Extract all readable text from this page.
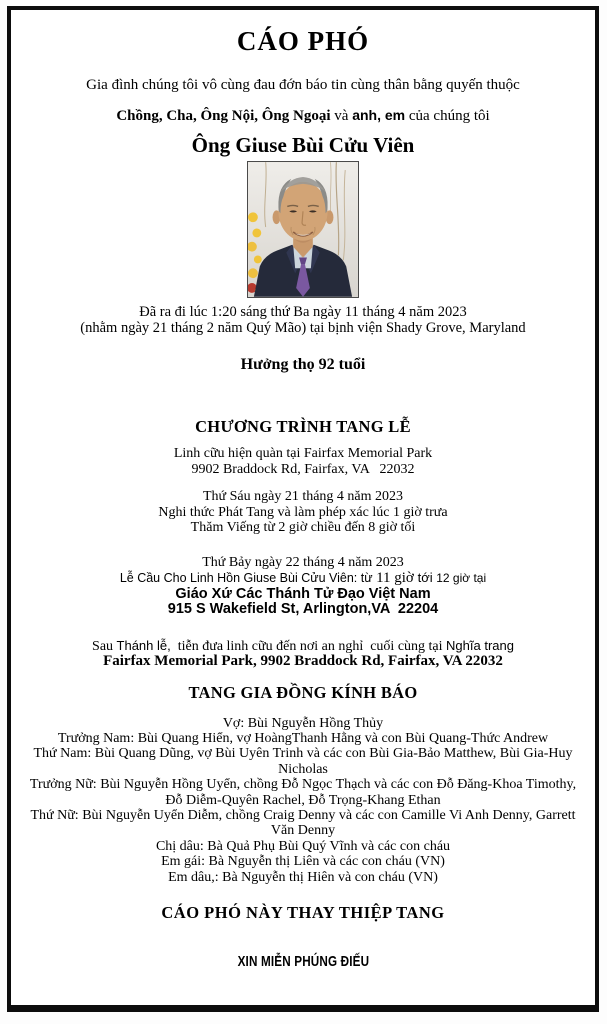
CÁO PHÓ
Gia đình chúng tôi vô cùng đau đớn báo tin cùng thân bằng quyến thuộc
Chồng, Cha, Ông Nội, Ông Ngoại và anh, em của chúng tôi
Ông Giuse Bùi Cửu Viên
Đã ra đi lúc 1:20 sáng thứ Ba ngày 11 tháng 4 năm 2023
(nhằm ngày 21 tháng 2 năm Quý Mão) tại bịnh viện Shady Grove, Maryland
Hưởng thọ 92 tuổi
CHƯƠNG TRÌNH TANG LỄ
Linh cữu hiện quàn tại Fairfax Memorial Park
9902 Braddock Rd, Fairfax, VA   22032
Thứ Sáu ngày 21 tháng 4 năm 2023
Nghi thức Phát Tang và làm phép xác lúc 1 giờ trưa
Thăm Viếng từ 2 giờ chiều đến 8 giờ tối
Thứ Bảy ngày 22 tháng 4 năm 2023
Lễ Cầu Cho Linh Hồn Giuse Bùi Cửu Viên: từ 11 giờ tới 12 giờ tại
Giáo Xứ Các Thánh Tử Đạo Việt Nam
915 S Wakefield St, Arlington,VA  22204
Sau Thánh lễ,  tiễn đưa linh cữu đến nơi an nghỉ  cuối cùng tại Nghĩa trang
Fairfax Memorial Park, 9902 Braddock Rd, Fairfax, VA 22032
TANG GIA ĐỒNG KÍNH BÁO
Vợ: Bùi Nguyễn Hồng Thủy
Trưởng Nam: Bùi Quang Hiển, vợ HoàngThanh Hằng và con Bùi Quang-Thức Andrew
Thứ Nam: Bùi Quang Dũng, vợ Bùi Uyên Trinh và các con Bùi Gia-Bảo Matthew, Bùi Gia-Huy Nicholas
Trưởng Nữ: Bùi Nguyễn Hồng Uyển, chồng Đỗ Ngọc Thạch và các con Đỗ Đăng-Khoa Timothy, Đỗ Diễm-Quyên Rachel, Đỗ Trọng-Khang Ethan
Thứ Nữ: Bùi Nguyễn Uyển Diễm, chồng Craig Denny và các con Camille Vi Anh Denny, Garrett Văn Denny
Chị dâu: Bà Quả Phụ Bùi Quý Vĩnh và các con cháu
Em gái: Bà Nguyễn thị Liên và các con cháu (VN)
Em dâu,: Bà Nguyễn thị Hiên và con cháu (VN)
CÁO PHÓ NÀY THAY THIỆP TANG
XIN MIỄN PHÚNG ĐIẾU
